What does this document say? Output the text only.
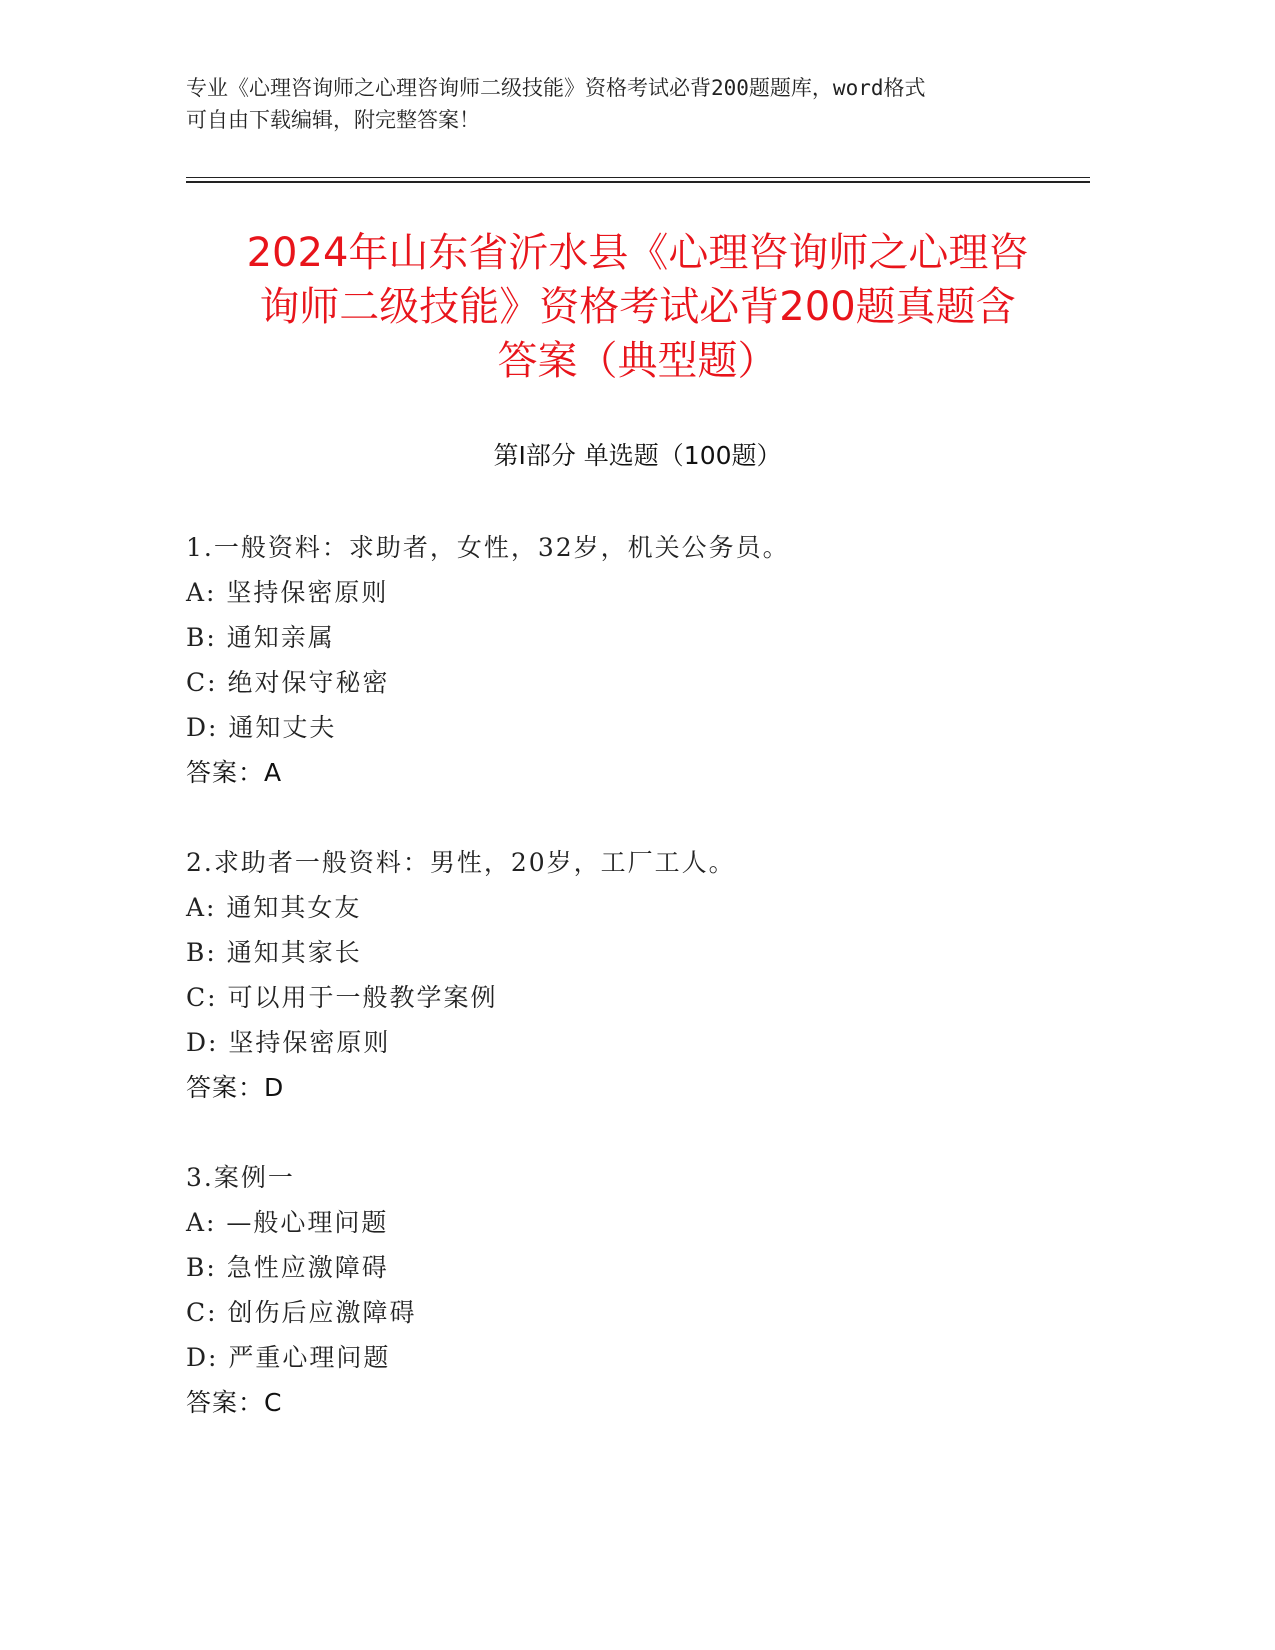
专业《心理咨询师之心理咨询师二级技能》资格考试必背200题题库，word格式
可自由下载编辑，附完整答案！
2024年山东省沂水县《心理咨询师之心理咨
询师二级技能》资格考试必背200题真题含
答案（典型题）
第Ⅰ部分 单选题（100题）
1.一般资料：求助者，女性，32岁，机关公务员。
A: 坚持保密原则
B: 通知亲属
C: 绝对保守秘密
D: 通知丈夫
答案：A
2.求助者一般资料：男性，20岁，工厂工人。
A: 通知其女友
B: 通知其家长
C: 可以用于一般教学案例
D: 坚持保密原则
答案：D
3.案例一
A: —般心理问题
B: 急性应激障碍
C: 创伤后应激障碍
D: 严重心理问题
答案：C
